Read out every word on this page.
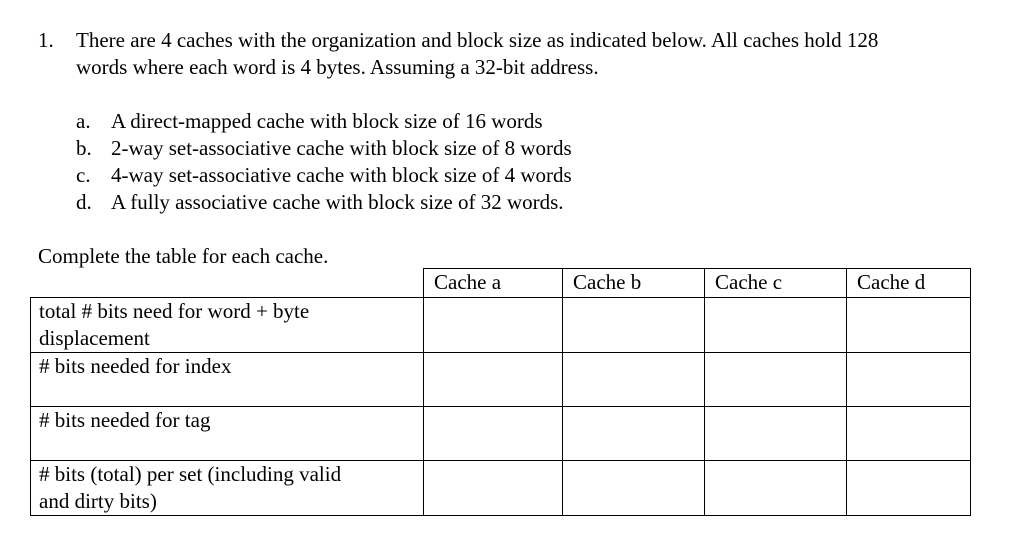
1. There are 4 caches with the organization and block size as indicated below. All caches hold 128
words where each word is 4 bytes. Assuming a 32-bit address.
a. A direct-mapped cache with block size of 16 words
b. 2-way set-associative cache with block size of 8 words
c. 4-way set-associative cache with block size of 4 words
d. A fully associative cache with block size of 32 words.
Complete the table for each cache.
	Cache a	Cache b	Cache c	Cache d

total # bits need for word + byte
displacement				

# bits needed for index				

# bits needed for tag				

# bits (total) per set (including valid
and dirty bits)				
